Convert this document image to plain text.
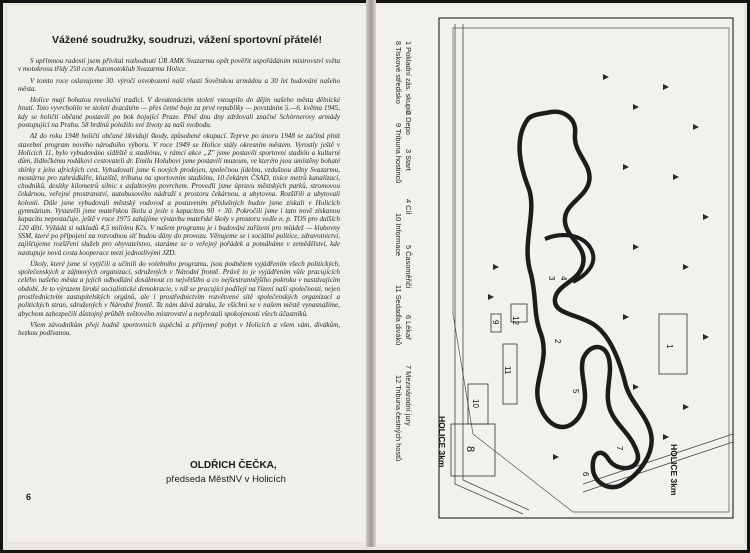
Vážené soudružky, soudruzi, vážení sportovní přátelé!

S upřímnou radostí jsem přivítal rozhodnutí ÚR AMK Svazarmu opět pověřit uspořádáním mistrovství světa v motokrosu třídy 250 ccm Automotoklub Svazarmu Holice.

V tomto roce oslavujeme 30. výročí osvobození naší vlasti Sovětskou armádou a 30 let budování našeho města.

Holice mají bohatou revoluční tradici. V devatenáctém století vstoupilo do dějin našeho města dělnické hnutí. Toto vyvrcholilo ve století dvacátém — přes četné boje za prvé republiky — povstáním 5.—6. května 1945, kdy se holičtí občané postavili po bok bojující Praze. Plně dnu dny zdržovali značné Schörnerovy armády postupující na Prahu. 58 hrdinů položilo své životy za naši svobodu.

Až do roku 1948 holičtí občané likvidují škody, způsobené okupací. Teprve po únoru 1948 se začíná plnit stavební program nového národního výboru. V roce 1949 se Holice stály okresním městem. Vyrostly ještě v Holicích 11, bylo vybudováno sídliště u stadiónu, v rámci akce „Z" jsme postavili sportovní stadión a kulturní dům, židlečkému rodákovi cestovateli dr. Emilu Holubovi jsme postavili muzeum, ve kterém jsou umístěny bohaté sbírky z jeho afrických cest. Vybudovali jsme 6 nových prodejen, společnou jídelnu, vzdušnou dílny Svazarmu, mostárnu pro zahrádkáře, kluziště, tribunu na sportovním stadiónu, 10 čekáren ČSAD, tisíce metrů kanalizací, chodníků, desítky kilometrů silnic s asfaltovým povrchem. Provedli jsme úpravu městských parků, stromovou čekárnou, veřejné prostranství, autobusového nádraží s prostoru čekárnou, a ubytovna. Rozšířili a ubytovali kolonii. Dále jsme vybudovali městský vodovod a postavením příslušných budov jsme získali v Holicích gymnázium. Vystavěli jsme mateřskou školu a jesle s kapacitou 90 + 30. Pokročili jsme i tato nově získanou kapacitu nepostačuje, ještě v roce 1975 zahájíme výstavbu mateřské školy v prostoru vedle n. p. TOS pro dalších 120 dětí. Výžádá si nákladů 4,5 miliónu Kčs. V našem programu je i budování zařízení pro mládež — klubovny SSM, které po připojení na rozvodnou síť budou dány do provozu. Věnujeme se i sociální politice, zdravotnictví, zajišťujeme rozšíření služeb pro obyvatelstvo, staráme se o veřejný pořádek a pomáháme v zemědělství, kde nastupuje nová cesta kooperace mezi jednotlivými JZD.

Úkoly, které jsme si vytýčili a učinili do volebního programu, jsou podnětem vyjádřením všech politických, společenských a zájmových organizací, sdružených v Národní frontě. Právě to je vyjádřením vůle pracujících celého našeho města a jejich odhodlání dosáhnout co největšího a co nejšestrannějšího pokroku v nastávajícím období. Je to výrazem široké socialistické demokracie, v níž se pracující podílejí na řízení naší společnosti, nejen prostřednictvím zastupitelských orgánů, ale i prostřednictvím rozvětvené sítě společenských organizací a politických stran, sdružených v Národní frontě. Ta nám dává záruku, že všichni se v našem městě vynasnažíme, abychom zabezpečili důstojný průběh světového mistrovství a nepřestali spokojenosti všech účastníků.

Všem závodníkům přeji hodně sportovních úspěchů a příjemný pobyt v Holicích a všem vám, divákům, hezkou podívanou.

OLDŘICH ČEČKA,
předseda MěstNV v Holicích
6
1 Pokladní zás. skupin
2 Depo
3 Start
4 Cíl
5 Časoměřiči
6 Lékař
7 Mezinárodní jury
8 Tiskové středisko
9 Tribuna hostinců
10 Informace
11 Sedadla diváků
12 Tribuna čestných hostů
12
9
10
8
11
1
3 4
5
2
6
7
HOLICE 3km
HOLICE 3km
